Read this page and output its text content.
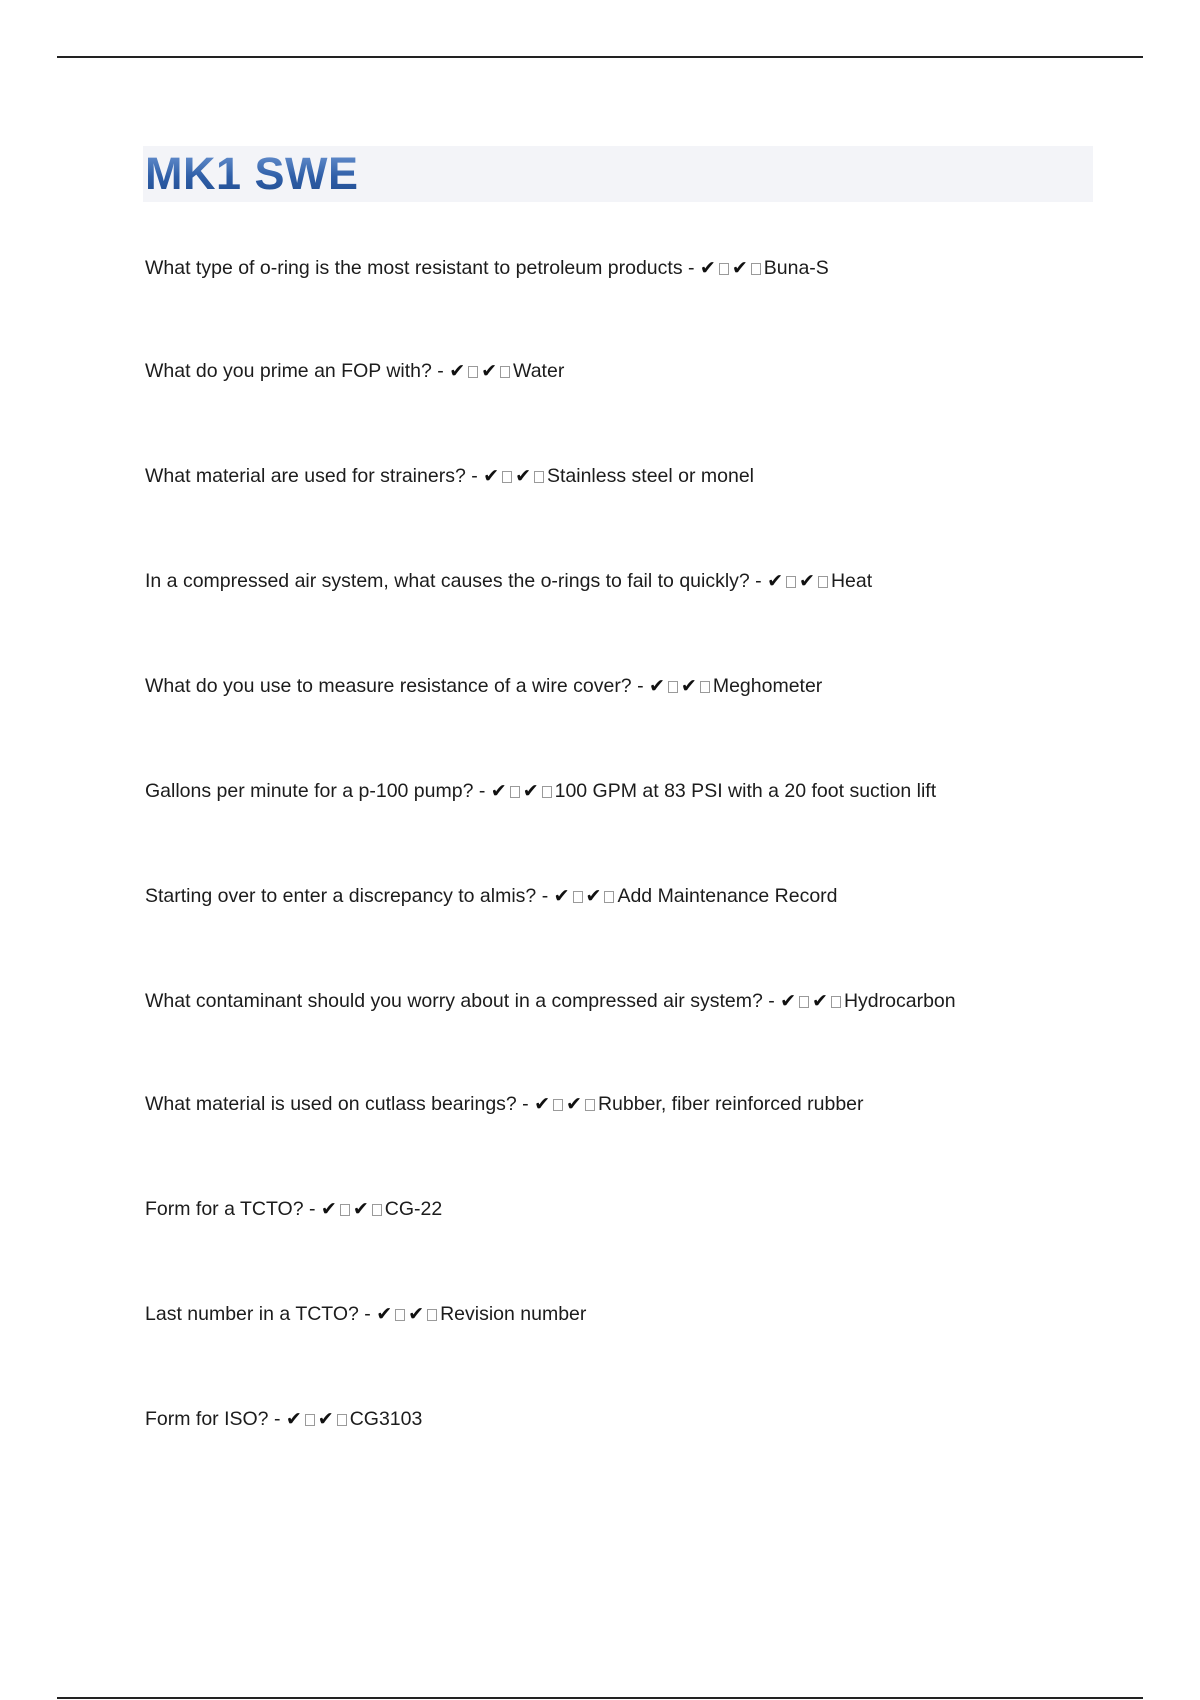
MK1 SWE
What type of o-ring is the most resistant to petroleum products - ✔ ✔ Buna-S
What do you prime an FOP with? - ✔ ✔ Water
What material are used for strainers? - ✔ ✔ Stainless steel or monel
In a compressed air system, what causes the o-rings to fail to quickly? - ✔ ✔ Heat
What do you use to measure resistance of a wire cover? - ✔ ✔ Meghometer
Gallons per minute for a p-100 pump? - ✔ ✔ 100 GPM at 83 PSI with a 20 foot suction lift
Starting over to enter a discrepancy to almis? - ✔ ✔ Add Maintenance Record
What contaminant should you worry about in a compressed air system? - ✔ ✔ Hydrocarbon
What material is used on cutlass bearings? - ✔ ✔ Rubber, fiber reinforced rubber
Form for a TCTO? - ✔ ✔ CG-22
Last number in a TCTO? - ✔ ✔ Revision number
Form for ISO? - ✔ ✔ CG3103
